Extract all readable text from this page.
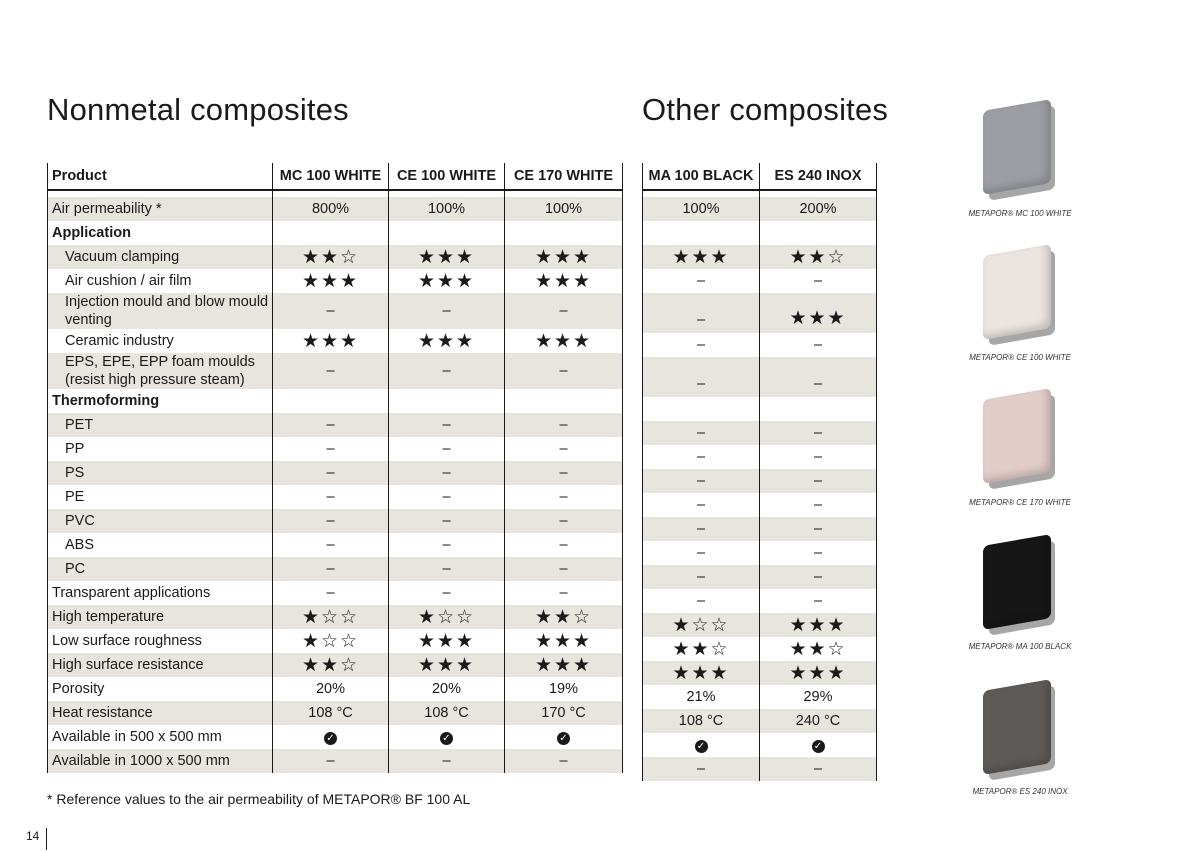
Nonmetal composites	Other composites
Product	MC 100 WHITE	CE 100 WHITE	CE 170 WHITE

Air permeability *	800%	100%	100%
Application			
Vacuum clamping	★★☆	★★★	★★★
Air cushion / air film	★★★	★★★	★★★
Injection mould and blow mould venting	–	–	–
Ceramic industry	★★★	★★★	★★★
EPS, EPE, EPP foam moulds (resist high pressure steam)	–	–	–
Thermoforming			
PET	–	–	–
PP	–	–	–
PS	–	–	–
PE	–	–	–
PVC	–	–	–
ABS	–	–	–
PC	–	–	–
Transparent applications	–	–	–
High temperature	★☆☆	★☆☆	★★☆
Low surface roughness	★☆☆	★★★	★★★
High surface resistance	★★☆	★★★	★★★
Porosity	20%	20%	19%
Heat resistance	108 °C	108 °C	170 °C
Available in 500 x 500 mm	✓	✓	✓
Available in 1000 x 500 mm	–	–	–
MA 100 BLACK	ES 240 INOX

100%	200%

★★★	★★☆
–	–
–	★★★
–	–
–	–

–	–
–	–
–	–
–	–
–	–
–	–
–	–
–	–
★☆☆	★★★
★★☆	★★☆
★★★	★★★
21%	29%
108 °C	240 °C
✓	✓
–	–
METAPOR® MC 100 WHITE
METAPOR® CE 100 WHITE
METAPOR® CE 170 WHITE
METAPOR® MA 100 BLACK
METAPOR® ES 240 INOX

* Reference values to the air permeability of METAPOR® BF 100 AL

14
